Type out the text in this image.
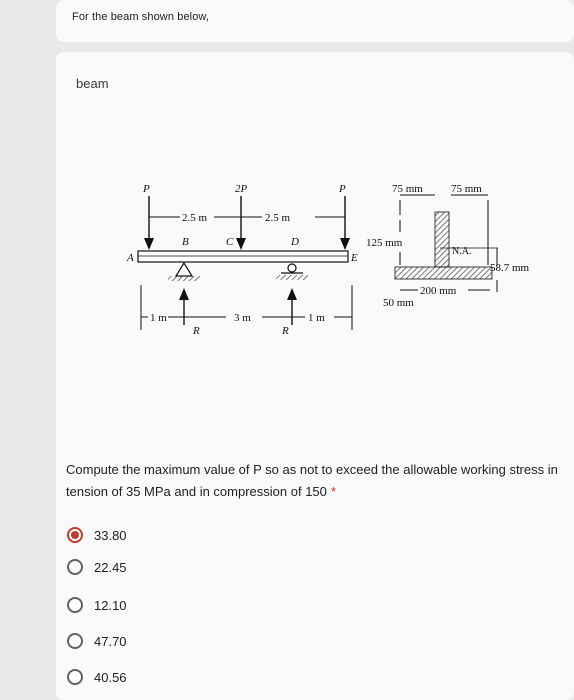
For the beam shown below,
beam
P	2P	P
2.5 m	2.5 m
B	C	D
A	E
1 m	3 m	1 m
R	R
75 mm	75 mm
125 mm
N.A.
58.7 mm
200 mm
50 mm
Compute the maximum value of P so as not to exceed the allowable working stress in tension of 35 MPa and in compression of 150 *
33.80
22.45
12.10
47.70
40.56
